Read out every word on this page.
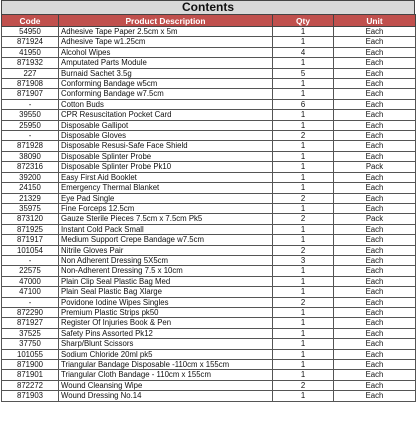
Contents
Code	Product Description	Qty	Unit
54950	Adhesive Tape Paper 2.5cm x 5m	1	Each
871924	Adhesive Tape w1.25cm	1	Each
41950	Alcohol Wipes	4	Each
871932	Amputated Parts Module	1	Each
227	Burnaid Sachet 3.5g	5	Each
871908	Conforming Bandage w5cm	1	Each
871907	Conforming Bandage w7.5cm	1	Each
-	Cotton Buds	6	Each
39550	CPR Resuscitation Pocket Card	1	Each
25950	Disposable Gallipot	1	Each
-	Disposable Gloves	2	Each
871928	Disposable Resusi-Safe Face Shield	1	Each
38090	Disposable Splinter Probe	1	Each
872316	Disposable Splinter Probe Pk10	1	Pack
39200	Easy First Aid Booklet	1	Each
24150	Emergency Thermal Blanket	1	Each
21329	Eye Pad Single	2	Each
35975	Fine Forceps 12.5cm	1	Each
873120	Gauze Sterile Pieces 7.5cm x 7.5cm Pk5	2	Pack
871925	Instant Cold Pack Small	1	Each
871917	Medium Support Crepe Bandage w7.5cm	1	Each
101054	Nitrile Gloves Pair	2	Each
-	Non Adherent Dressing 5X5cm	3	Each
22575	Non-Adherent Dressing 7.5 x 10cm	1	Each
47000	Plain Clip Seal Plastic Bag Med	1	Each
47100	Plain Seal Plastic Bag Xlarge	1	Each
-	Povidone Iodine Wipes Singles	2	Each
872290	Premium Plastic Strips pk50	1	Each
871927	Register Of Injuries Book & Pen	1	Each
37525	Safety Pins Assorted Pk12	1	Each
37750	Sharp/Blunt Scissors	1	Each
101055	Sodium Chloride 20ml pk5	1	Each
871900	Triangular Bandage Disposable -110cm x 155cm	1	Each
871901	Triangular Cloth Bandage - 110cm x 155cm	1	Each
872272	Wound Cleansing Wipe	2	Each
871903	Wound Dressing No.14	1	Each
